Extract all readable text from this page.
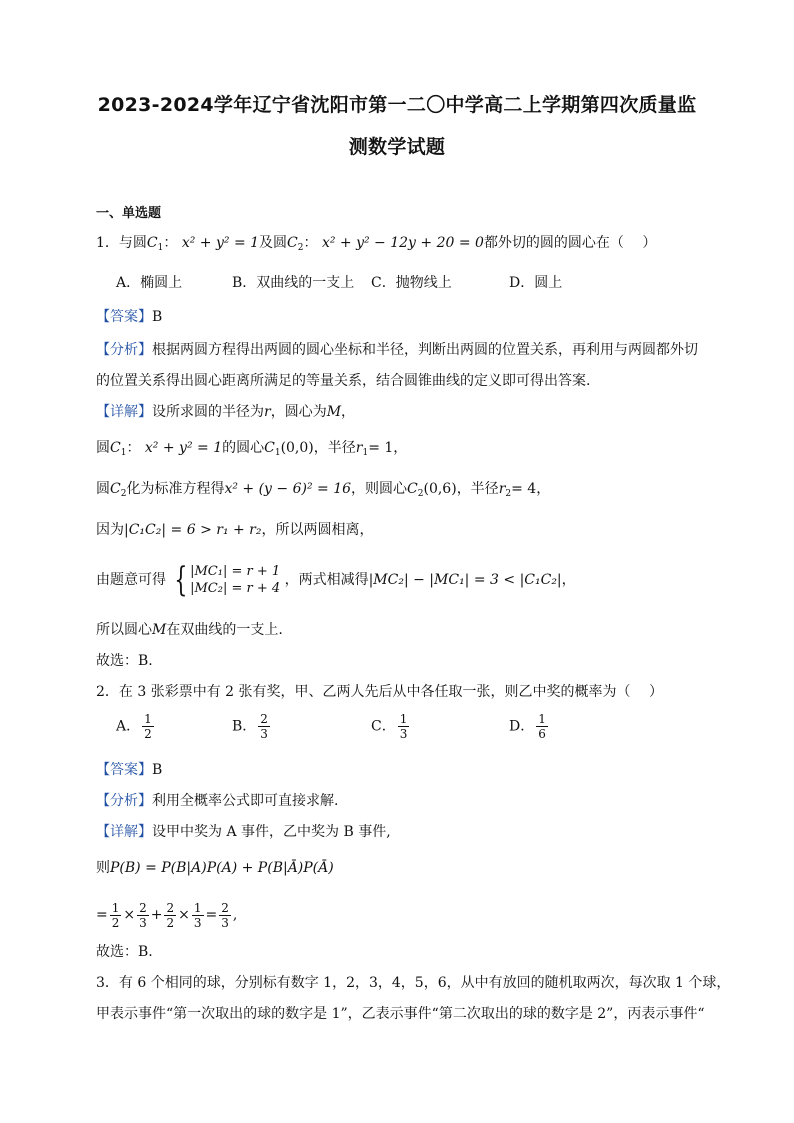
2023-2024学年辽宁省沈阳市第一二〇中学高二上学期第四次质量监
测数学试题
一、单选题
1．与圆$C_1$： x² + y² = 1及圆$C_2$： x² + y² − 12y + 20 = 0都外切的圆的圆心在（　 ）
A．椭圆上	B．双曲线的一支上 C．抛物线上	D．圆上
【答案】B
【分析】根据两圆方程得出两圆的圆心坐标和半径，判断出两圆的位置关系，再利用与两圆都外切
的位置关系得出圆心距离所满足的等量关系，结合圆锥曲线的定义即可得出答案.
【详解】设所求圆的半径为r，圆心为M，
圆$C_1$： x² + y² = 1的圆心$C_1(0,0)$，半径$r_1= 1$，
圆$C_2$化为标准方程得x² + (y − 6)² = 16，则圆心$C_2(0,6)$，半径$r_2= 4$，
因为|C₁C₂| = 6 > r₁ + r₂，所以两圆相离，
由题意可得 { |MC₁| = r + 1
|MC₂| = r + 4
，两式相减得|MC₂| − |MC₁| = 3 < |C₁C₂|，
所以圆心M在双曲线的一支上.
故选：B.
2．在 3 张彩票中有 2 张有奖，甲、乙两人先后从中各任取一张，则乙中奖的概率为（　 ）
A． $\frac{1}{2}$	B． $\frac{2}{3}$	C． $\frac{1}{3}$	D． $\frac{1}{6}$
【答案】B
【分析】利用全概率公式即可直接求解.
【详解】设甲中奖为 A 事件，乙中奖为 B 事件,
则P(B) = P(B|A)P(A) + P(B|Ā)P(Ā)
= $\frac{1}{2} \times \frac{2}{3} + \frac{2}{2} \times \frac{1}{3} = \frac{2}{3}$ ,
故选：B.
3．有 6 个相同的球，分别标有数字 1，2，3，4，5，6，从中有放回的随机取两次，每次取 1 个球，
甲表示事件“第一次取出的球的数字是 1”，乙表示事件“第二次取出的球的数字是 2”，丙表示事件“
